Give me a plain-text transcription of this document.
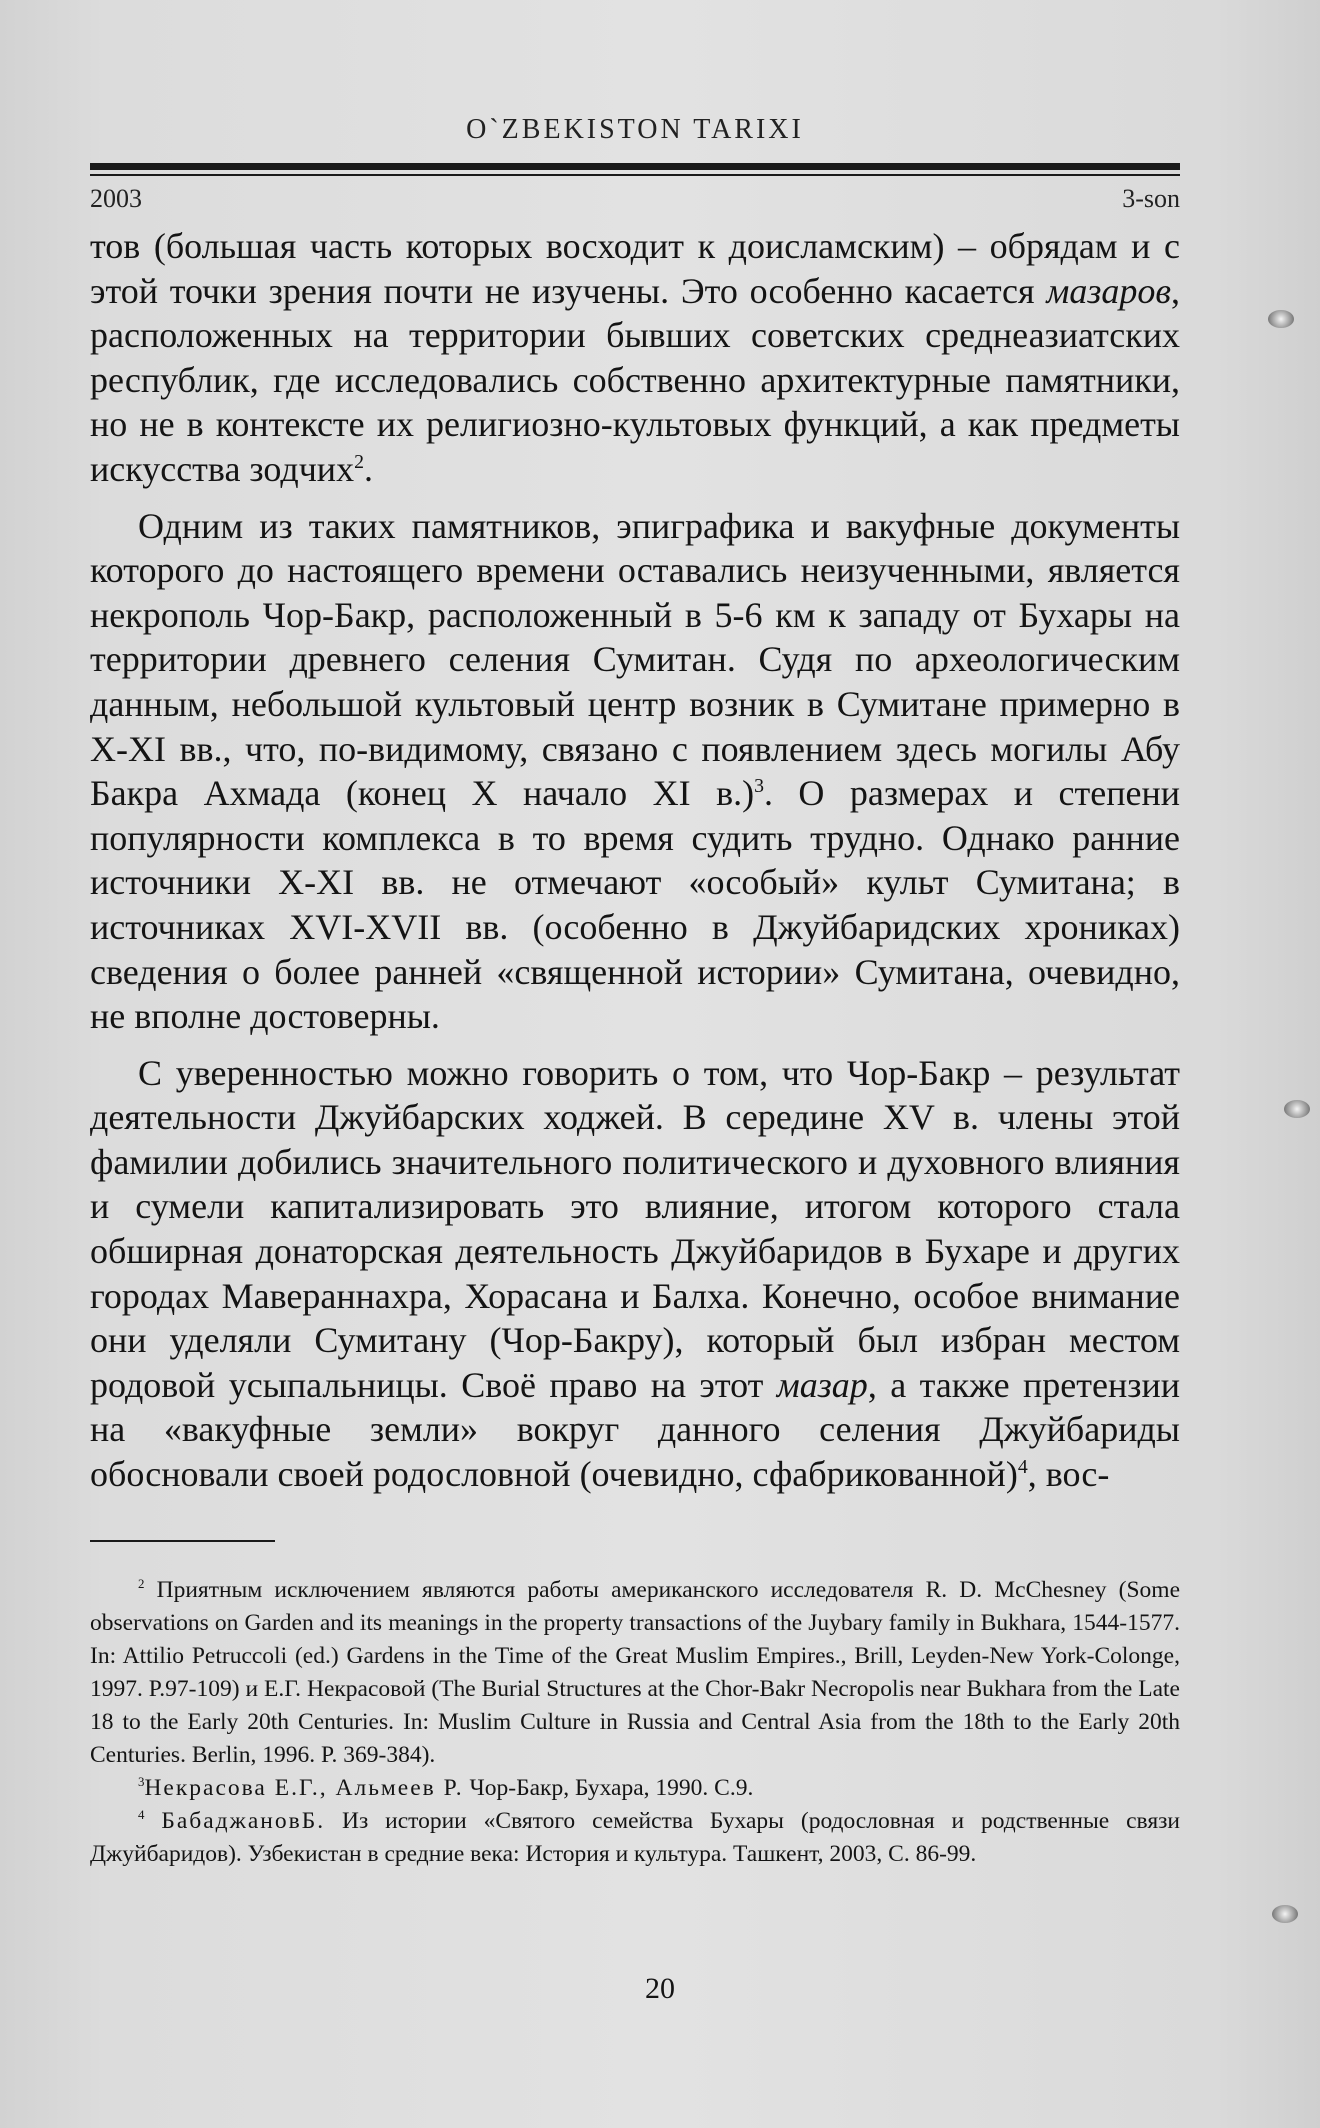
O`ZBEKISTON TARIXI
2003	3-son

тов (большая часть которых восходит к доисламским) – обрядам и с этой точки зрения почти не изучены. Это особенно касается мазаров, расположенных на территории бывших советских среднеазиатских республик, где исследовались собственно архитектурные памятники, но не в контексте их религиозно-культовых функций, а как предметы искусства зодчих$^2$.

Одним из таких памятников, эпиграфика и вакуфные документы которого до настоящего времени оставались неизученными, является некрополь Чор-Бакр, расположенный в 5-6 км к западу от Бухары на территории древнего селения Сумитан. Судя по археологическим данным, небольшой культовый центр возник в Сумитане примерно в X-XI вв., что, по-видимому, связано с появлением здесь могилы Абу Бакра Ахмада (конец X начало XI в.)$^3$. О размерах и степени популярности комплекса в то время судить трудно. Однако ранние источники X-XI вв. не отмечают «особый» культ Сумитана; в источниках XVI-XVII вв. (особенно в Джуйбаридских хрониках) сведения о более ранней «священной истории» Сумитана, очевидно, не вполне достоверны.

С уверенностью можно говорить о том, что Чор-Бакр – результат деятельности Джуйбарских ходжей. В середине XV в. члены этой фамилии добились значительного политического и духовного влияния и сумели капитализировать это влияние, итогом которого стала обширная донаторская деятельность Джуйбаридов в Бухаре и других городах Мавераннахра, Хорасана и Балха. Конечно, особое внимание они уделяли Сумитану (Чор-Бакру), который был избран местом родовой усыпальницы. Своё право на этот мазар, а также претензии на «вакуфные земли» вокруг данного селения Джуйбариды обосновали своей родословной (очевидно, сфабрикованной)$^4$, вос-

$^2$ Приятным исключением являются работы американского исследователя R. D. McChesney (Some observations on Garden and its meanings in the property transactions of the Juybary family in Bukhara, 1544-1577. In: Attilio Petruccoli (ed.) Gardens in the Time of the Great Muslim Empires., Brill, Leyden-New York-Colonge, 1997. P.97-109) и Е.Г. Некрасовой (The Burial Structures at the Chor-Bakr Necropolis near Bukhara from the Late 18 to the Early 20th Centuries. In: Muslim Culture in Russia and Central Asia from the 18th to the Early 20th Centuries. Berlin, 1996. P. 369-384).

$^3$Некрасова Е.Г., Альмеев Р. Чор-Бакр, Бухара, 1990. С.9.

$^4$ БабаджановБ. Из истории «Святого семейства Бухары (родословная и родственные связи Джуйбаридов). Узбекистан в средние века: История и культура. Ташкент, 2003, С. 86-99.

20
